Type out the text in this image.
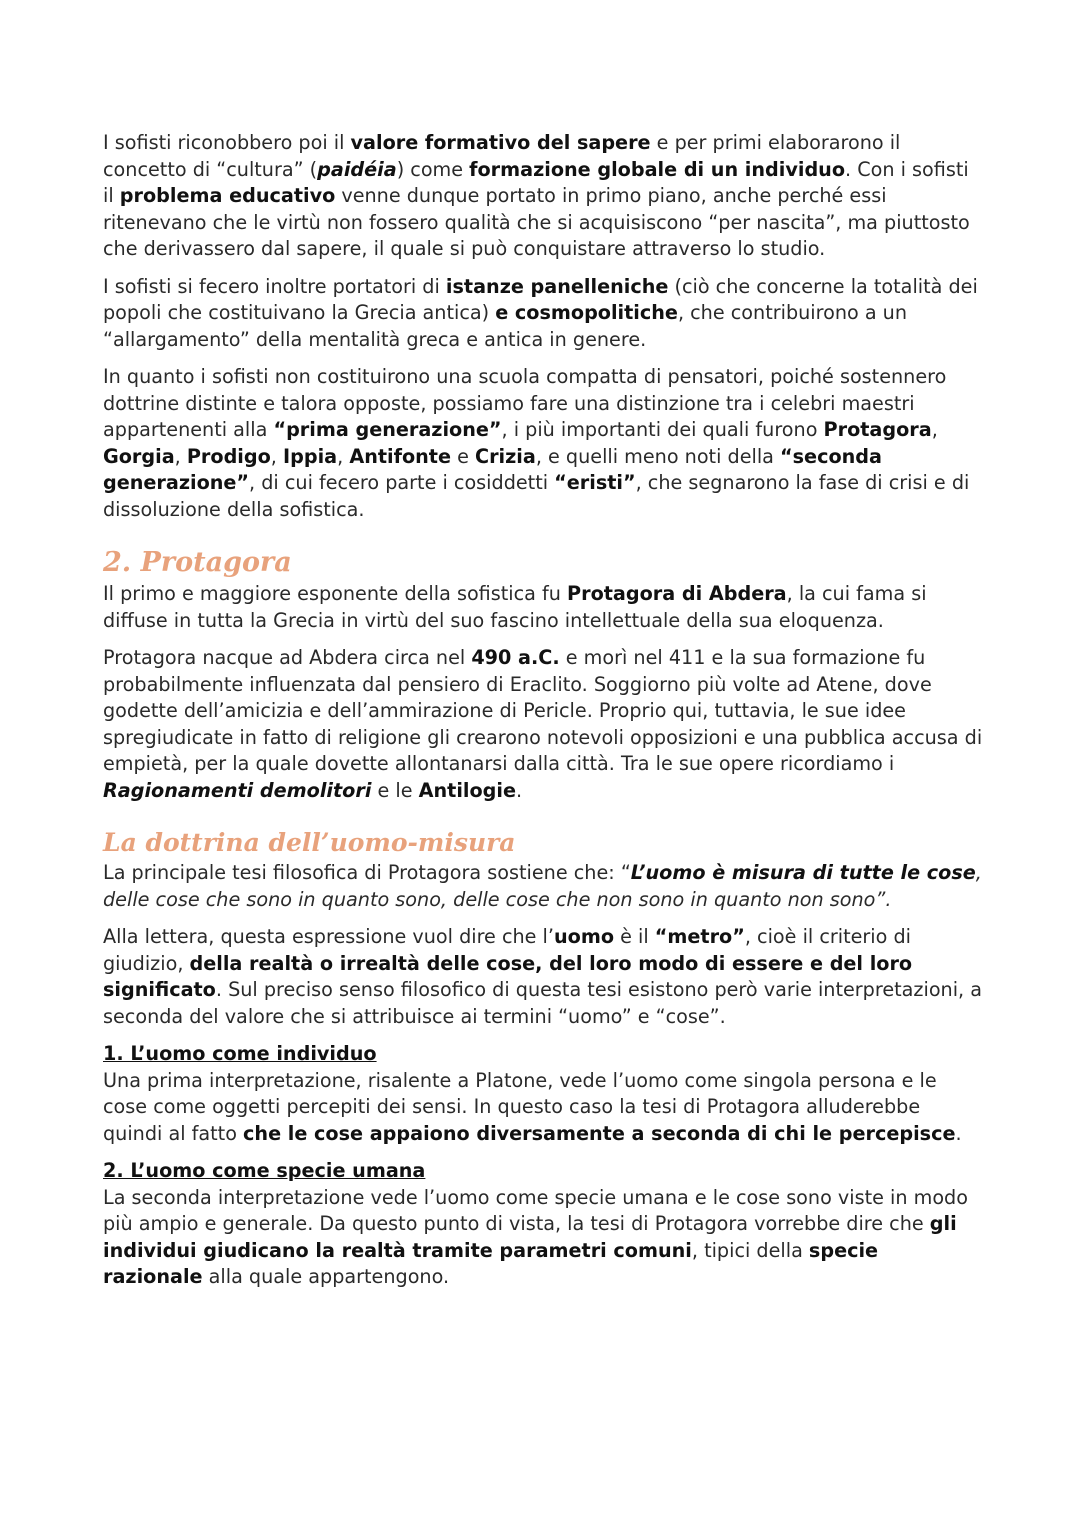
I sofisti riconobbero poi il valore formativo del sapere e per primi elaborarono il concetto di “cultura” (paidéia) come formazione globale di un individuo. Con i sofisti il problema educativo venne dunque portato in primo piano, anche perché essi ritenevano che le virtù non fossero qualità che si acquisiscono “per nascita”, ma piuttosto che derivassero dal sapere, il quale si può conquistare attraverso lo studio.

I sofisti si fecero inoltre portatori di istanze panelleniche (ciò che concerne la totalità dei popoli che costituivano la Grecia antica) e cosmopolitiche, che contribuirono a un “allargamento” della mentalità greca e antica in genere.

In quanto i sofisti non costituirono una scuola compatta di pensatori, poiché sostennero dottrine distinte e talora opposte, possiamo fare una distinzione tra i celebri maestri appartenenti alla “prima generazione”, i più importanti dei quali furono Protagora, Gorgia, Prodigo, Ippia, Antifonte e Crizia, e quelli meno noti della “seconda generazione”, di cui fecero parte i cosiddetti “eristi”, che segnarono la fase di crisi e di dissoluzione della sofistica.

2. Protagora

Il primo e maggiore esponente della sofistica fu Protagora di Abdera, la cui fama si diffuse in tutta la Grecia in virtù del suo fascino intellettuale della sua eloquenza.

Protagora nacque ad Abdera circa nel 490 a.C. e morì nel 411 e la sua formazione fu probabilmente influenzata dal pensiero di Eraclito. Soggiorno più volte ad Atene, dove godette dell’amicizia e dell’ammirazione di Pericle. Proprio qui, tuttavia, le sue idee spregiudicate in fatto di religione gli crearono notevoli opposizioni e una pubblica accusa di empietà, per la quale dovette allontanarsi dalla città. Tra le sue opere ricordiamo i Ragionamenti demolitori e le Antilogie.

La dottrina dell’uomo-misura

La principale tesi filosofica di Protagora sostiene che: “L’uomo è misura di tutte le cose, delle cose che sono in quanto sono, delle cose che non sono in quanto non sono”.

Alla lettera, questa espressione vuol dire che l’uomo è il “metro”, cioè il criterio di giudizio, della realtà o irrealtà delle cose, del loro modo di essere e del loro significato. Sul preciso senso filosofico di questa tesi esistono però varie interpretazioni, a seconda del valore che si attribuisce ai termini “uomo” e “cose”.

1. L’uomo come individuo

Una prima interpretazione, risalente a Platone, vede l’uomo come singola persona e le cose come oggetti percepiti dei sensi. In questo caso la tesi di Protagora alluderebbe quindi al fatto che le cose appaiono diversamente a seconda di chi le percepisce.

2. L’uomo come specie umana

La seconda interpretazione vede l’uomo come specie umana e le cose sono viste in modo più ampio e generale. Da questo punto di vista, la tesi di Protagora vorrebbe dire che gli individui giudicano la realtà tramite parametri comuni, tipici della specie razionale alla quale appartengono.
